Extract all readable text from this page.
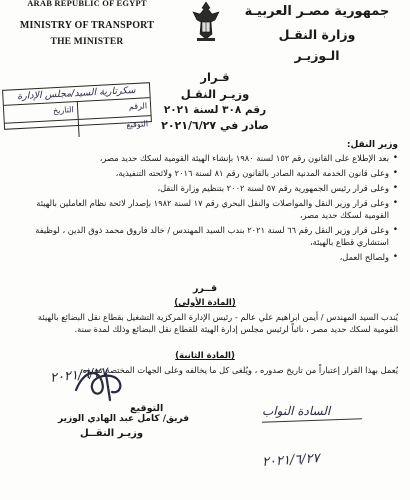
ARAB REPUBLIC OF EGYPT
MINISTRY OF TRANSPORT
THE MINISTER
جمهورية مصـر العربيـة
وزارة النقـل
الـوزيـر
سكرتارية السيد/مجلس الإدارة
الرقم
التاريخ
التوقيع
قـرار
وزيـر النقـل
رقم ٣٠٨ لسنة ٢٠٢١
صادر في ٢٠٢١/٦/٢٧
وزير النقل:
• بعد الإطلاع على القانون رقم ١٥٢ لسنة ١٩٨٠ بإنشاء الهيئة القومية لسكك حديد مصر،
• وعلى قانون الخدمة المدنية الصادر بالقانون رقم ٨١ لسنة ٢٠١٦ ولائحته التنفيذية،
• وعلى قرار رئيس الجمهورية رقم ٥٧ لسنة ٢٠٠٢ بتنظيم وزارة النقل،
• وعلى قرار وزير النقل والمواصلات والنقل البحري رقم ١٧ لسنة ١٩٨٢ بإصدار لائحة نظام العاملين بالهيئة القومية لسكك حديد مصر،
• وعلى قرار وزير النقل رقم ٦٦ لسنة ٢٠٢١ بندب السيد المهندس / خالد فاروق محمد ذوق الدين ، لوظيفة استشاري قطاع بالهيئة،
• ولصالح العمل،
قــرر
(المادة الأولى)
يُندب السيد المهندس / أيمن ابراهيم علي عالم - رئيس الإدارة المركزية التشغيل بقطاع نقل البضائع بالهيئة القومية لسكك حديد مصر ، نائباً لرئيس مجلس إدارة الهيئة للقطاع نقل البضائع وذلك لمدة سنة.
(المادة الثانية)
يُعمل بهذا القرار إعتباراً من تاريخ صدوره ، ويُلغى كل ما يخالفه وعلى الجهات المختصة تنفيذه.
٢٠٢١/٦/٢٧
التوقيع
فريق/ كامل عبد الهادي الوزير
وزيـر النقــل
السادة النواب
٢٠٢١/٦/٢٧
